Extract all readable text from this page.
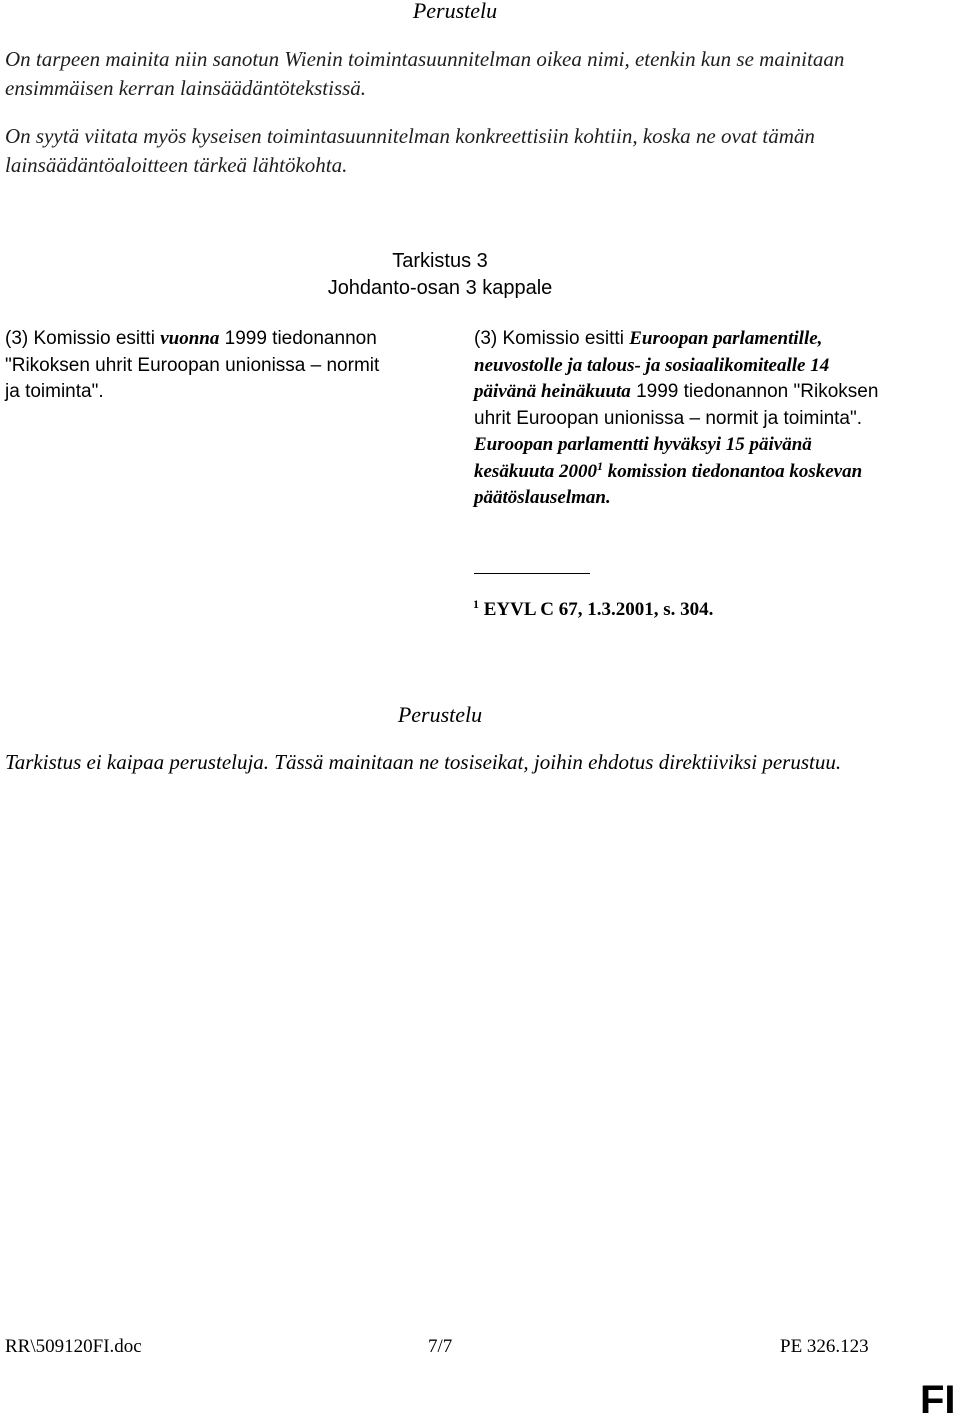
Perustelu
On tarpeen mainita niin sanotun Wienin toimintasuunnitelman oikea nimi, etenkin kun se mainitaan ensimmäisen kerran lainsäädäntötekstissä.
On syytä viitata myös kyseisen toimintasuunnitelman konkreettisiin kohtiin, koska ne ovat tämän lainsäädäntöaloitteen tärkeä lähtökohta.
Tarkistus 3
Johdanto-osan 3 kappale
(3) Komissio esitti vuonna 1999 tiedonannon "Rikoksen uhrit Euroopan unionissa – normit ja toiminta".
(3) Komissio esitti Euroopan parlamentille, neuvostolle ja talous- ja sosiaalikomitealle 14 päivänä heinäkuuta 1999 tiedonannon "Rikoksen uhrit Euroopan unionissa – normit ja toiminta". Euroopan parlamentti hyväksyi 15 päivänä kesäkuuta 2000$^1$ komission tiedonantoa koskevan päätöslauselman.
$^1$ EYVL C 67, 1.3.2001, s. 304.
Perustelu
Tarkistus ei kaipaa perusteluja. Tässä mainitaan ne tosiseikat, joihin ehdotus direktiiviksi perustuu.
RR\509120FI.doc	7/7	PE 326.123
FI
